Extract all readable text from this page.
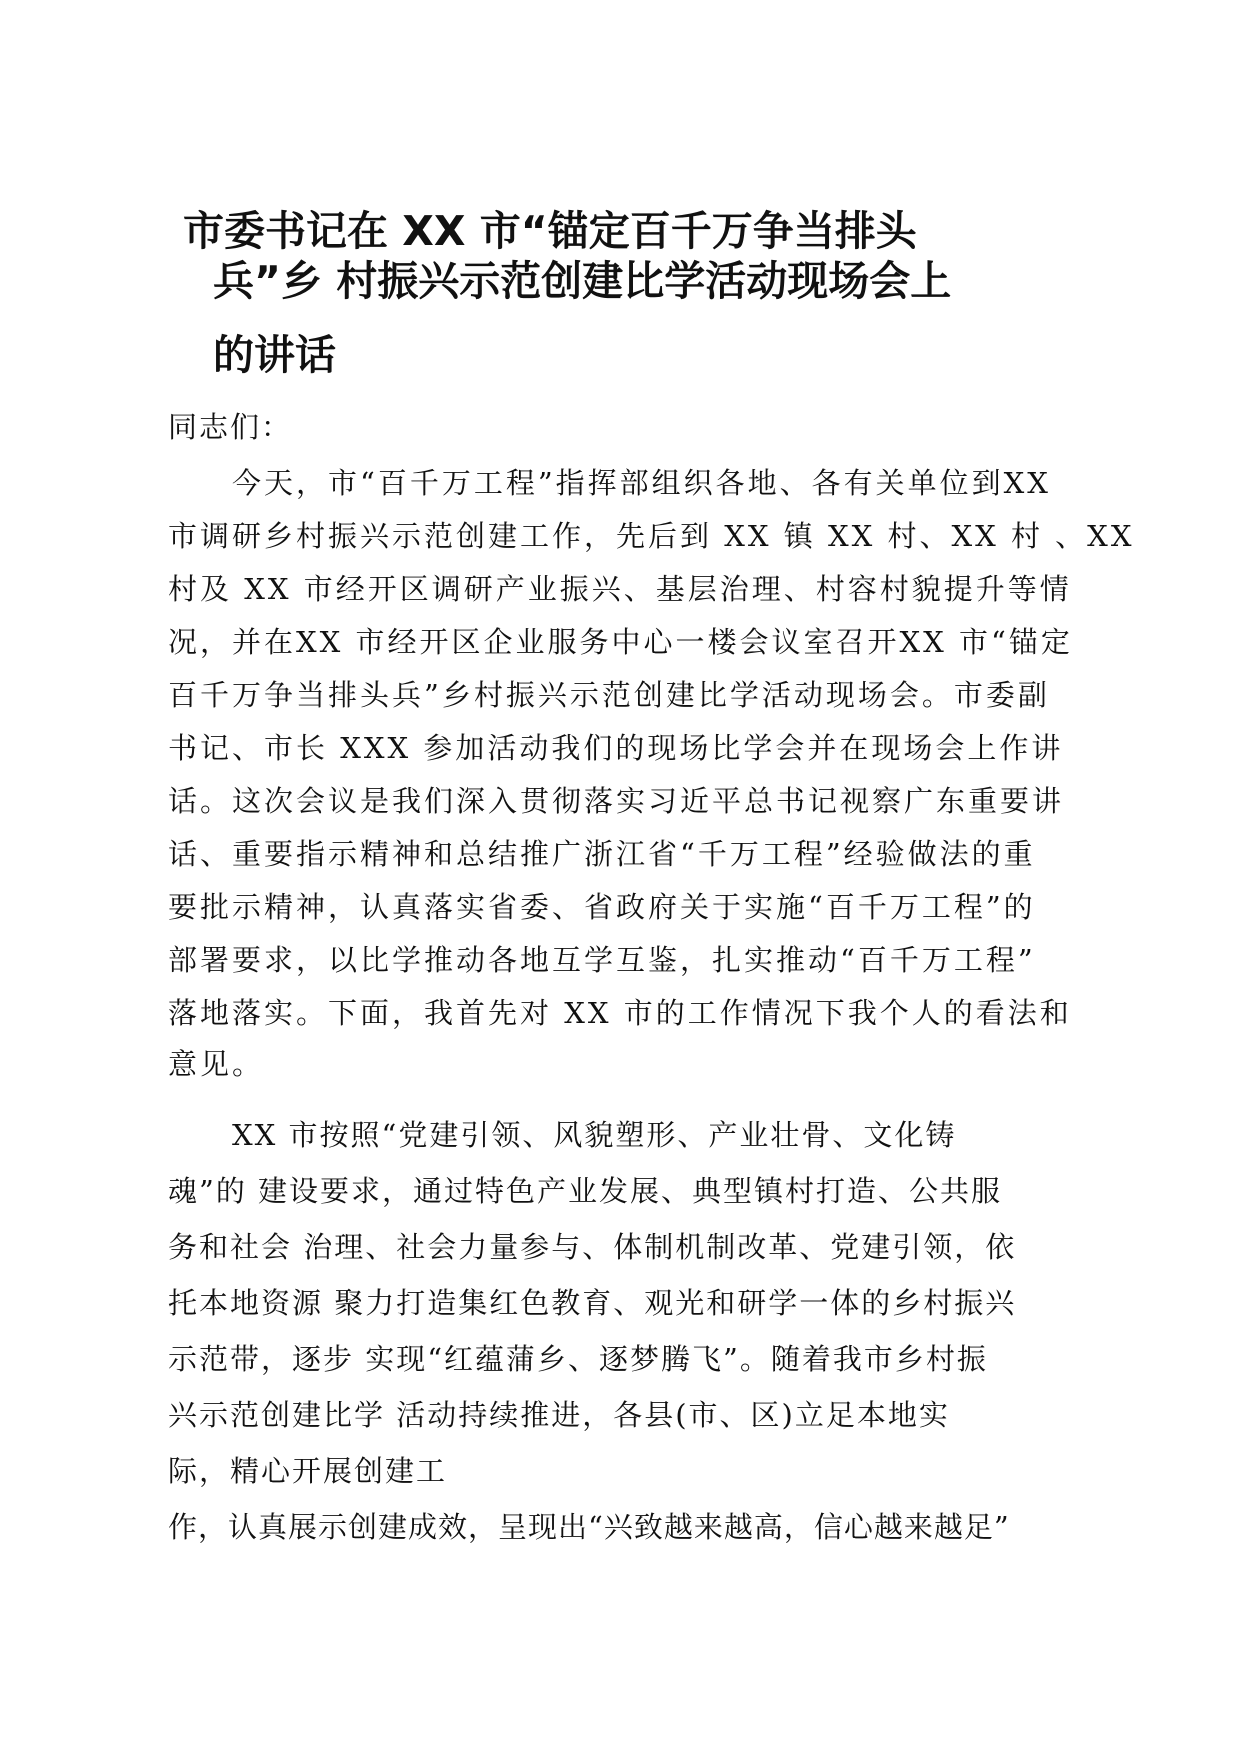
市委书记在 XX 市“锚定百千万争当排头
兵”乡 村振兴示范创建比学活动现场会上
的讲话
同志们：
今天，市“百千万工程”指挥部组织各地、各有关单位到XX
市调研乡村振兴示范创建工作，先后到 XX 镇 XX 村、XX 村 、XX
村及 XX 市经开区调研产业振兴、基层治理、村容村貌提升等情
况，并在XX 市经开区企业服务中心一楼会议室召开XX 市“锚定
百千万争当排头兵”乡村振兴示范创建比学活动现场会。市委副
书记、市长 XXX 参加活动我们的现场比学会并在现场会上作讲
话。这次会议是我们深入贯彻落实习近平总书记视察广东重要讲
话、重要指示精神和总结推广浙江省“千万工程”经验做法的重
要批示精神，认真落实省委、省政府关于实施“百千万工程”的
部署要求，以比学推动各地互学互鉴，扎实推动“百千万工程”
落地落实。下面，我首先对 XX 市的工作情况下我个人的看法和
意见。
XX 市按照“党建引领、风貌塑形、产业壮骨、文化铸
魂”的 建设要求，通过特色产业发展、典型镇村打造、公共服
务和社会 治理、社会力量参与、体制机制改革、党建引领，依
托本地资源 聚力打造集红色教育、观光和研学一体的乡村振兴
示范带，逐步 实现“红蕴蒲乡、逐梦腾飞”。随着我市乡村振
兴示范创建比学 活动持续推进，各县(市、区)立足本地实
际，精心开展创建工
作，认真展示创建成效，呈现出“兴致越来越高，信心越来越足”
